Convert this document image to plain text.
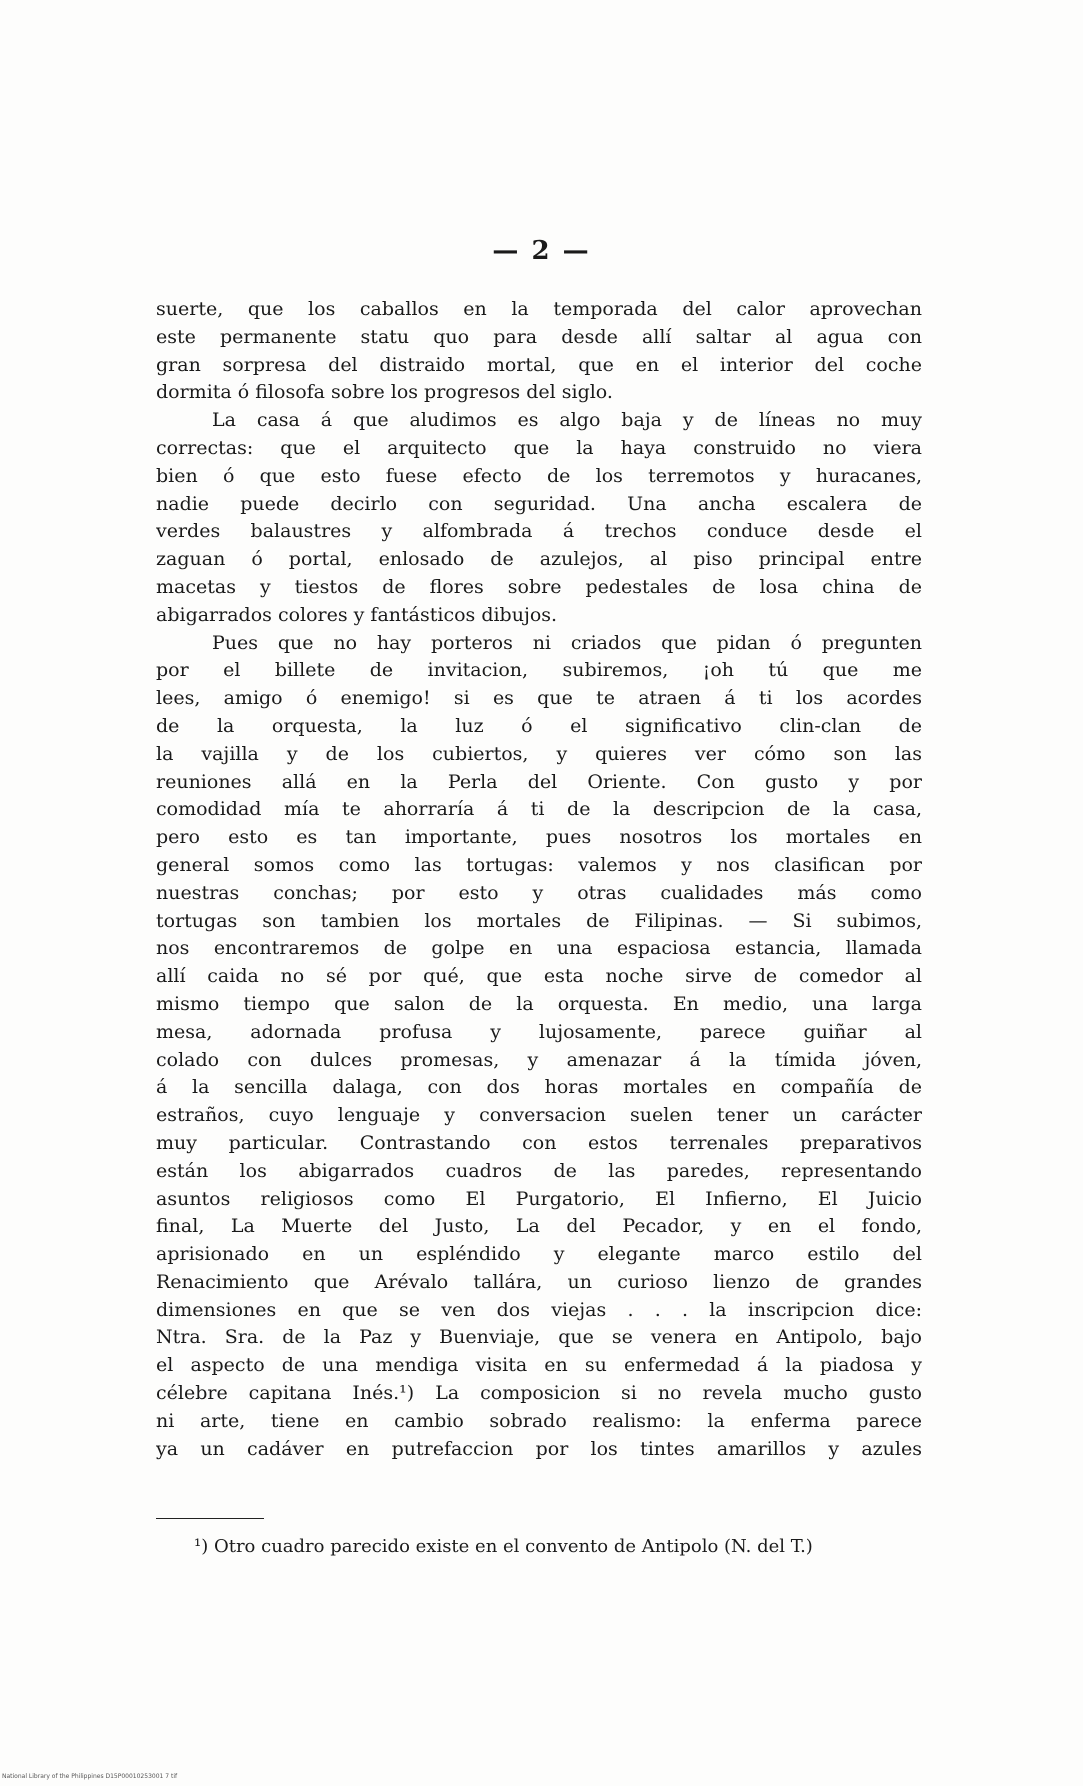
— 2 —
suerte, que los caballos en la temporada del calor aprovechan
este permanente statu quo para desde allí saltar al agua con
gran sorpresa del distraido mortal, que en el interior del coche
dormita ó filosofa sobre los progresos del siglo.
La casa á que aludimos es algo baja y de líneas no muy
correctas: que el arquitecto que la haya construido no viera
bien ó que esto fuese efecto de los terremotos y huracanes,
nadie puede decirlo con seguridad. Una ancha escalera de
verdes balaustres y alfombrada á trechos conduce desde el
zaguan ó portal, enlosado de azulejos, al piso principal entre
macetas y tiestos de flores sobre pedestales de losa china de
abigarrados colores y fantásticos dibujos.
Pues que no hay porteros ni criados que pidan ó pregunten
por el billete de invitacion, subiremos, ¡oh tú que me
lees, amigo ó enemigo! si es que te atraen á ti los acordes
de la orquesta, la luz ó el significativo clin-clan de
la vajilla y de los cubiertos, y quieres ver cómo son las
reuniones allá en la Perla del Oriente. Con gusto y por
comodidad mía te ahorraría á ti de la descripcion de la casa,
pero esto es tan importante, pues nosotros los mortales en
general somos como las tortugas: valemos y nos clasifican por
nuestras conchas; por esto y otras cualidades más como
tortugas son tambien los mortales de Filipinas. — Si subimos,
nos encontraremos de golpe en una espaciosa estancia, llamada
allí caida no sé por qué, que esta noche sirve de comedor al
mismo tiempo que salon de la orquesta. En medio, una larga
mesa, adornada profusa y lujosamente, parece guiñar al
colado con dulces promesas, y amenazar á la tímida jóven,
á la sencilla dalaga, con dos horas mortales en compañía de
estraños, cuyo lenguaje y conversacion suelen tener un carácter
muy particular. Contrastando con estos terrenales preparativos
están los abigarrados cuadros de las paredes, representando
asuntos religiosos como El Purgatorio, El Infierno, El Juicio
final, La Muerte del Justo, La del Pecador, y en el fondo,
aprisionado en un espléndido y elegante marco estilo del
Renacimiento que Arévalo tallára, un curioso lienzo de grandes
dimensiones en que se ven dos viejas . . . la inscripcion dice:
Ntra. Sra. de la Paz y Buenviaje, que se venera en Antipolo, bajo
el aspecto de una mendiga visita en su enfermedad á la piadosa y
célebre capitana Inés.¹) La composicion si no revela mucho gusto
ni arte, tiene en cambio sobrado realismo: la enferma parece
ya un cadáver en putrefaccion por los tintes amarillos y azules
¹) Otro cuadro parecido existe en el convento de Antipolo (N. del T.)
National Library of the Philippines D15P00010253001 7 tif
